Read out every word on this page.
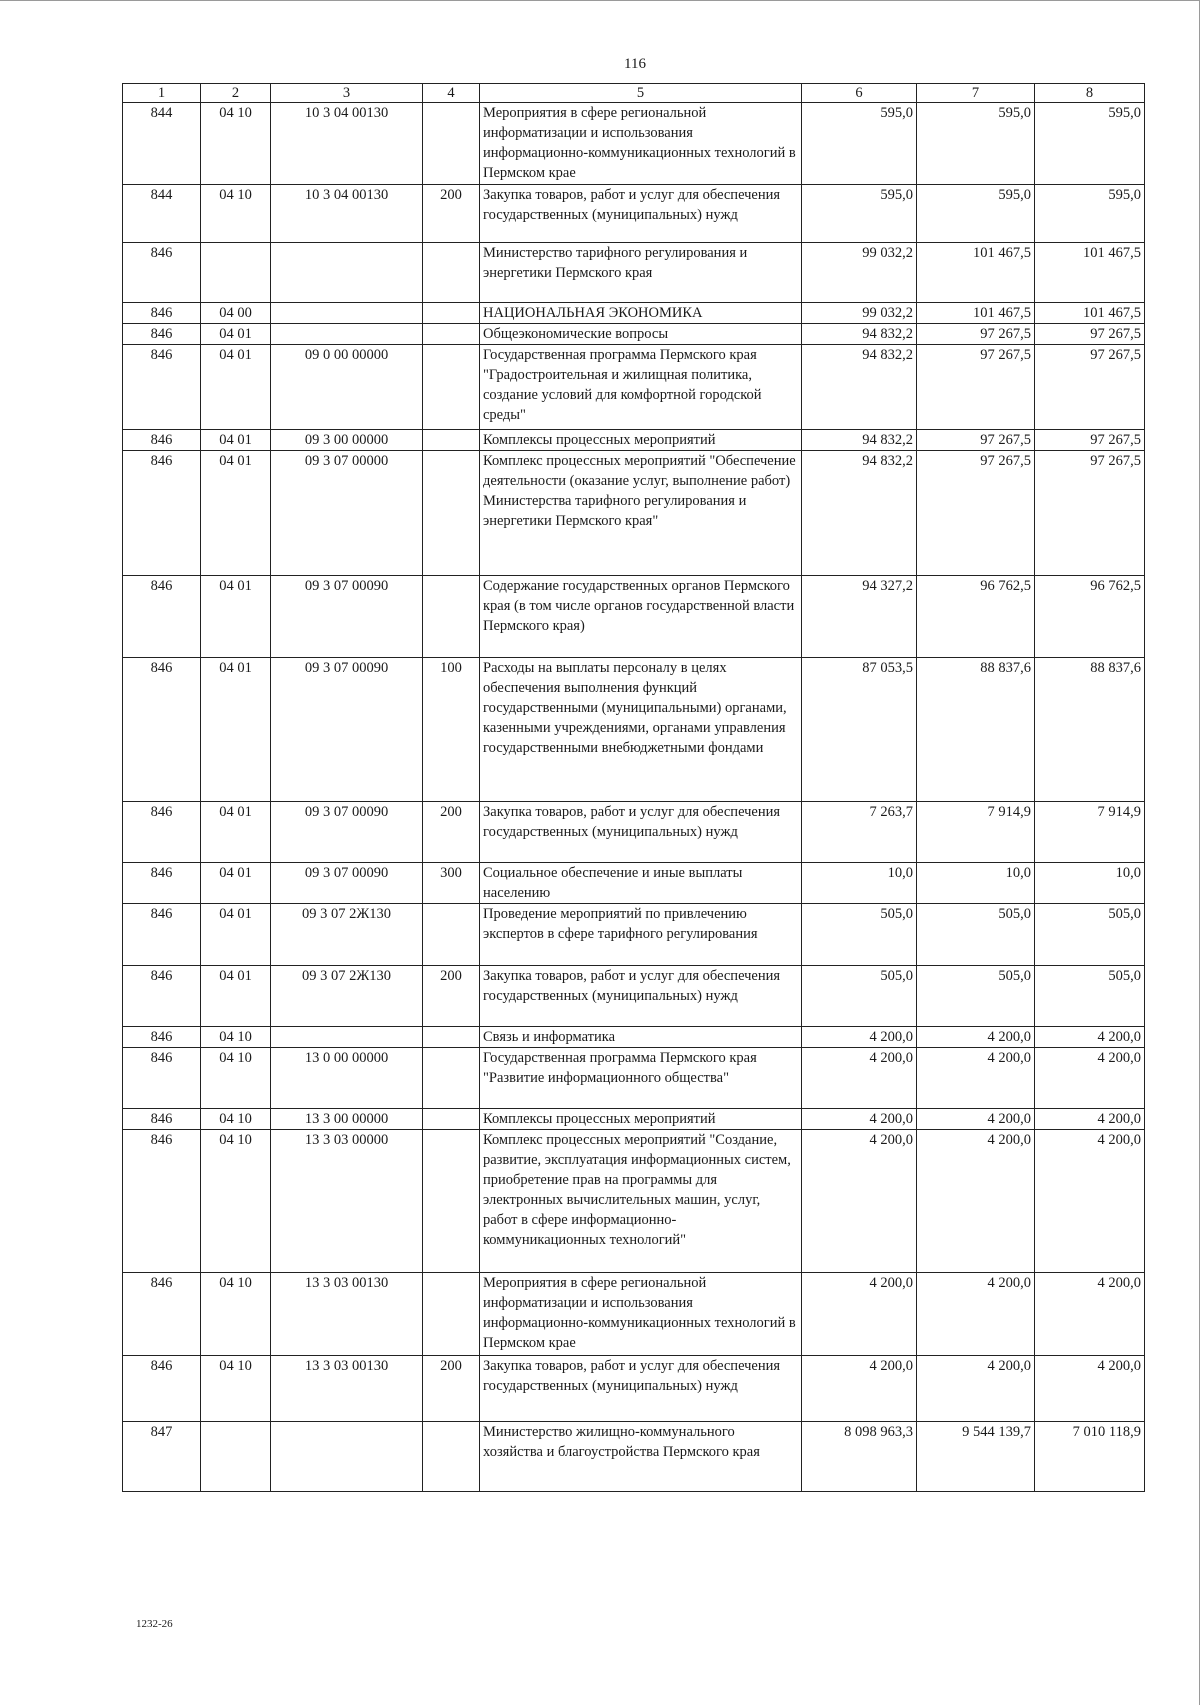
116
1	2	3	4	5	6	7	8
844	04 10	10 3 04 00130		Мероприятия в сфере региональной информатизации и использования информационно-коммуникационных технологий в Пермском крае	595,0	595,0	595,0
844	04 10	10 3 04 00130	200	Закупка товаров, работ и услуг для обеспечения государственных (муниципальных) нужд	595,0	595,0	595,0
846				Министерство тарифного регулирования и энергетики Пермского края	99 032,2	101 467,5	101 467,5
846	04 00			НАЦИОНАЛЬНАЯ ЭКОНОМИКА	99 032,2	101 467,5	101 467,5
846	04 01			Общеэкономические вопросы	94 832,2	97 267,5	97 267,5
846	04 01	09 0 00 00000		Государственная программа Пермского края "Градостроительная и жилищная политика, создание условий для комфортной городской среды"	94 832,2	97 267,5	97 267,5
846	04 01	09 3 00 00000		Комплексы процессных мероприятий	94 832,2	97 267,5	97 267,5
846	04 01	09 3 07 00000		Комплекс процессных мероприятий "Обеспечение деятельности (оказание услуг, выполнение работ) Министерства тарифного регулирования и энергетики Пермского края"	94 832,2	97 267,5	97 267,5
846	04 01	09 3 07 00090		Содержание государственных органов Пермского края (в том числе органов государственной власти Пермского края)	94 327,2	96 762,5	96 762,5
846	04 01	09 3 07 00090	100	Расходы на выплаты персоналу в целях обеспечения выполнения функций государственными (муниципальными) органами, казенными учреждениями, органами управления государственными внебюджетными фондами	87 053,5	88 837,6	88 837,6
846	04 01	09 3 07 00090	200	Закупка товаров, работ и услуг для обеспечения государственных (муниципальных) нужд	7 263,7	7 914,9	7 914,9
846	04 01	09 3 07 00090	300	Социальное обеспечение и иные выплаты населению	10,0	10,0	10,0
846	04 01	09 3 07 2Ж130		Проведение мероприятий по привлечению экспертов в сфере тарифного регулирования	505,0	505,0	505,0
846	04 01	09 3 07 2Ж130	200	Закупка товаров, работ и услуг для обеспечения государственных (муниципальных) нужд	505,0	505,0	505,0
846	04 10			Связь и информатика	4 200,0	4 200,0	4 200,0
846	04 10	13 0 00 00000		Государственная программа Пермского края "Развитие информационного общества"	4 200,0	4 200,0	4 200,0
846	04 10	13 3 00 00000		Комплексы процессных мероприятий	4 200,0	4 200,0	4 200,0
846	04 10	13 3 03 00000		Комплекс процессных мероприятий "Создание, развитие, эксплуатация информационных систем, приобретение прав на программы для электронных вычислительных машин, услуг, работ в сфере информационно-коммуникационных технологий"	4 200,0	4 200,0	4 200,0
846	04 10	13 3 03 00130		Мероприятия в сфере региональной информатизации и использования информационно-коммуникационных технологий в Пермском крае	4 200,0	4 200,0	4 200,0
846	04 10	13 3 03 00130	200	Закупка товаров, работ и услуг для обеспечения государственных (муниципальных) нужд	4 200,0	4 200,0	4 200,0
847				Министерство жилищно-коммунального хозяйства и благоустройства Пермского края	8 098 963,3	9 544 139,7	7 010 118,9
1232-26
